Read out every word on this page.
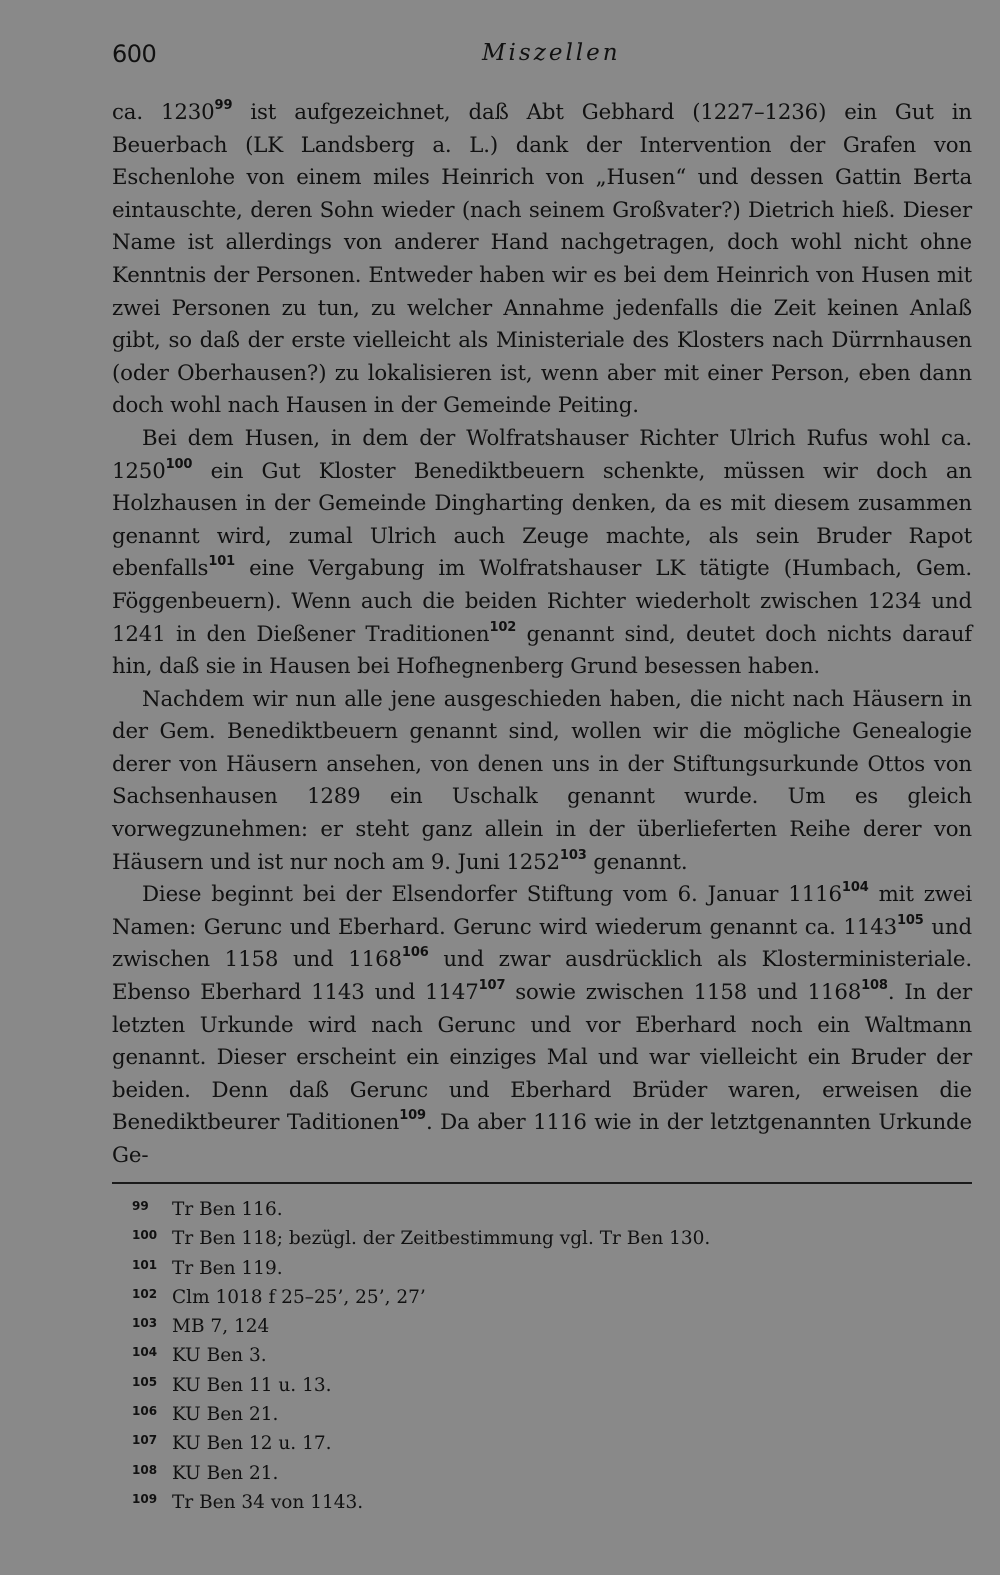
600	Miszellen

ca. 1230$^{99}$ ist aufgezeichnet, daß Abt Gebhard (1227–1236) ein Gut in Beuerbach (LK Landsberg a. L.) dank der Intervention der Grafen von Eschenlohe von einem miles Heinrich von „Husen“ und dessen Gattin Berta eintauschte, deren Sohn wieder (nach seinem Großvater?) Dietrich hieß. Dieser Name ist allerdings von anderer Hand nachgetragen, doch wohl nicht ohne Kenntnis der Personen. Entweder haben wir es bei dem Heinrich von Husen mit zwei Personen zu tun, zu welcher Annahme jedenfalls die Zeit keinen Anlaß gibt, so daß der erste vielleicht als Ministeriale des Klosters nach Dürrnhausen (oder Oberhausen?) zu lokalisieren ist, wenn aber mit einer Person, eben dann doch wohl nach Hausen in der Gemeinde Peiting.

Bei dem Husen, in dem der Wolfratshauser Richter Ulrich Rufus wohl ca. 1250$^{100}$ ein Gut Kloster Benediktbeuern schenkte, müssen wir doch an Holzhausen in der Gemeinde Dingharting denken, da es mit diesem zusammen genannt wird, zumal Ulrich auch Zeuge machte, als sein Bruder Rapot ebenfalls$^{101}$ eine Vergabung im Wolfratshauser LK tätigte (Humbach, Gem. Föggenbeuern). Wenn auch die beiden Richter wiederholt zwischen 1234 und 1241 in den Dießener Traditionen$^{102}$ genannt sind, deutet doch nichts darauf hin, daß sie in Hausen bei Hofhegnenberg Grund besessen haben.

Nachdem wir nun alle jene ausgeschieden haben, die nicht nach Häusern in der Gem. Benediktbeuern genannt sind, wollen wir die mögliche Genealogie derer von Häusern ansehen, von denen uns in der Stiftungsurkunde Ottos von Sachsenhausen 1289 ein Uschalk genannt wurde. Um es gleich vorwegzunehmen: er steht ganz allein in der überlieferten Reihe derer von Häusern und ist nur noch am 9. Juni 1252$^{103}$ genannt.

Diese beginnt bei der Elsendorfer Stiftung vom 6. Januar 1116$^{104}$ mit zwei Namen: Gerunc und Eberhard. Gerunc wird wiederum genannt ca. 1143$^{105}$ und zwischen 1158 und 1168$^{106}$ und zwar ausdrücklich als Klosterministeriale. Ebenso Eberhard 1143 und 1147$^{107}$ sowie zwischen 1158 und 1168$^{108}$. In der letzten Urkunde wird nach Gerunc und vor Eberhard noch ein Waltmann genannt. Dieser erscheint ein einziges Mal und war vielleicht ein Bruder der beiden. Denn daß Gerunc und Eberhard Brüder waren, erweisen die Benediktbeurer Taditionen$^{109}$. Da aber 1116 wie in der letztgenannten Urkunde Ge-

99	Tr Ben 116.
100 Tr Ben 118; bezügl. der Zeitbestimmung vgl. Tr Ben 130.
101 Tr Ben 119.
102 Clm 1018 f 25–25’, 25’, 27’
103 MB 7, 124
104 KU Ben 3.
105 KU Ben 11 u. 13.
106 KU Ben 21.
107 KU Ben 12 u. 17.
108 KU Ben 21.
109 Tr Ben 34 von 1143.
